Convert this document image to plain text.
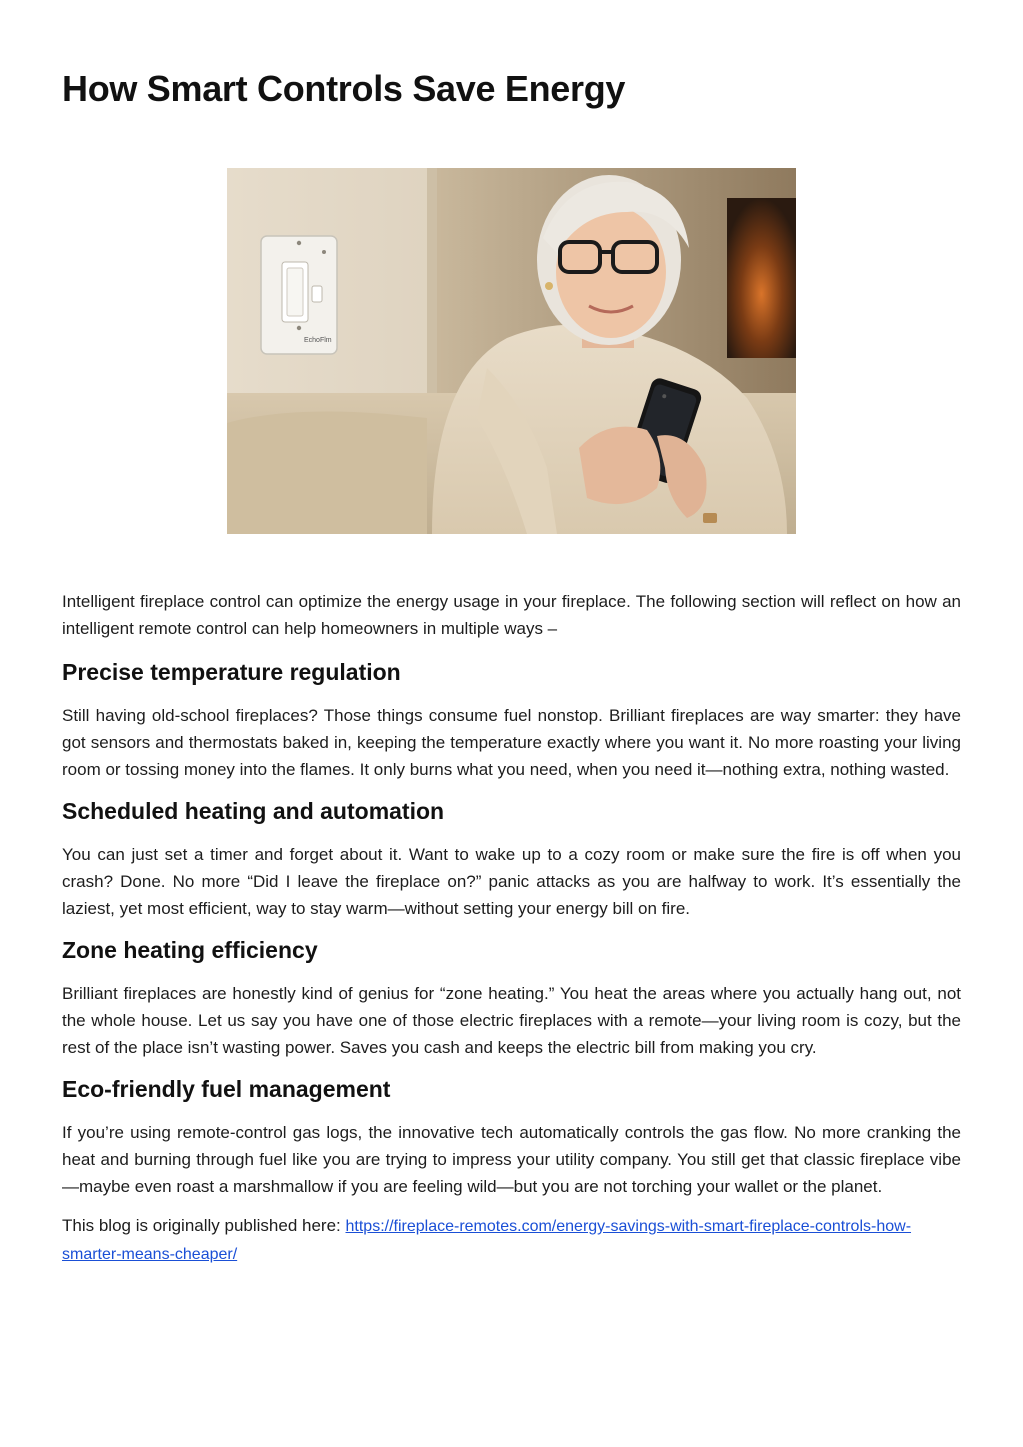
How Smart Controls Save Energy
EchoFlm

Intelligent fireplace control can optimize the energy usage in your fireplace. The following section will reflect on how an intelligent remote control can help homeowners in multiple ways –

Precise temperature regulation

Still having old-school fireplaces? Those things consume fuel nonstop. Brilliant fireplaces are way smarter: they have got sensors and thermostats baked in, keeping the temperature exactly where you want it. No more roasting your living room or tossing money into the flames. It only burns what you need, when you need it—nothing extra, nothing wasted.

Scheduled heating and automation

You can just set a timer and forget about it. Want to wake up to a cozy room or make sure the fire is off when you crash? Done. No more “Did I leave the fireplace on?” panic attacks as you are halfway to work. It’s essentially the laziest, yet most efficient, way to stay warm—without setting your energy bill on fire.

Zone heating efficiency

Brilliant fireplaces are honestly kind of genius for “zone heating.” You heat the areas where you actually hang out, not the whole house. Let us say you have one of those electric fireplaces with a remote—your living room is cozy, but the rest of the place isn’t wasting power. Saves you cash and keeps the electric bill from making you cry.

Eco-friendly fuel management

If you’re using remote-control gas logs, the innovative tech automatically controls the gas flow. No more cranking the heat and burning through fuel like you are trying to impress your utility company. You still get that classic fireplace vibe—maybe even roast a marshmallow if you are feeling wild—but you are not torching your wallet or the planet.

This blog is originally published here: https://fireplace-remotes.com/energy-savings-with-smart-fireplace-controls-how-smarter-means-cheaper/
